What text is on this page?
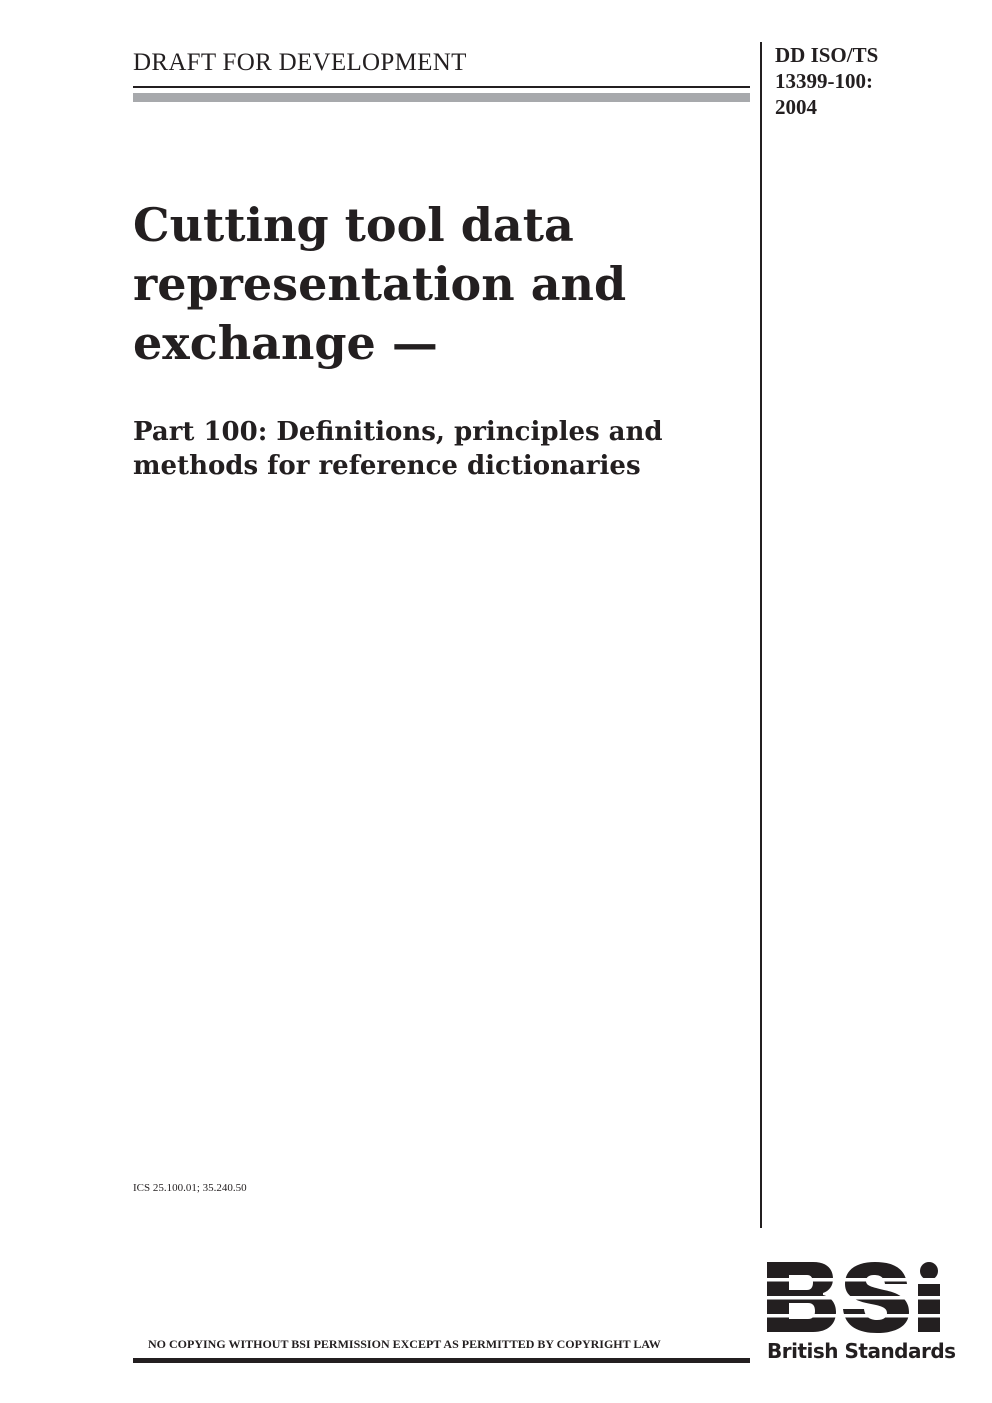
DRAFT FOR DEVELOPMENT	DD ISO/TS
13399-100:
2004
Cutting tool data
representation and
exchange —
Part 100: Definitions, principles and
methods for reference dictionaries
ICS 25.100.01; 35.240.50
NO COPYING WITHOUT BSI PERMISSION EXCEPT AS PERMITTED BY COPYRIGHT LAW	British Standards
